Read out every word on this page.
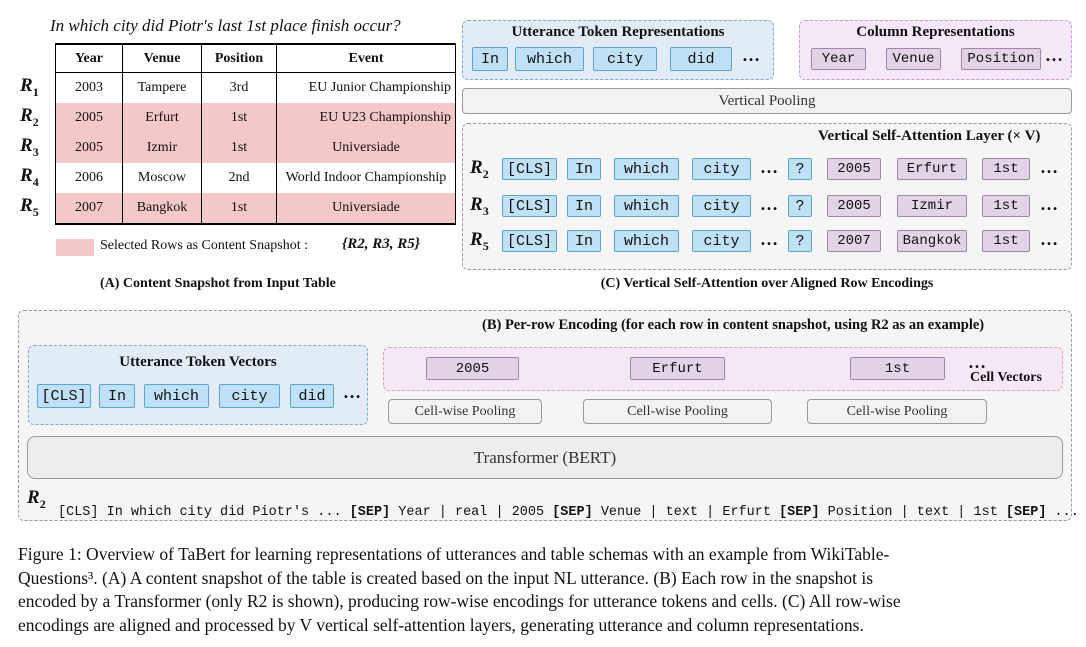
In which city did Piotr's last 1st place finish occur?
Year	Venue	Position	Event
2003	Tampere	3rd	EU Junior Championship
2005	Erfurt	1st	EU U23 Championship
2005	Izmir	1st	Universiade
2006	Moscow	2nd	World Indoor Championship
2007	Bangkok	1st	Universiade
$R_1$
$R_2$
$R_3$
$R_4$
$R_5$
Selected Rows as Content Snapshot : {R2, R3, R5}
(A) Content Snapshot from Input Table
Utterance Token Representations
In	which	city	did	…
Column Representations
Year	Venue	Position …
Vertical Pooling
Vertical Self-Attention Layer (× V)
$R_2$	[CLS]	In	which	city	…	?	2005	Erfurt	1st	…
$R_3$	[CLS]	In	which	city	…	?	2005	Izmir	1st	…
$R_5$	[CLS]	In	which	city	…	?	2007	Bangkok	1st	…
(C) Vertical Self-Attention over Aligned Row Encodings
(B) Per-row Encoding (for each row in content snapshot, using R2 as an example)
Utterance Token Vectors
[CLS]	In	which	city	did …
2005	Erfurt	1st	…
Cell Vectors
Cell-wise Pooling	Cell-wise Pooling	Cell-wise Pooling
Transformer (BERT)
$R_2$

[CLS] In which city did Piotr's ... [SEP] Year | real | 2005 [SEP] Venue | text | Erfurt [SEP] Position | text | 1st [SEP] ...
Figure 1: Overview of TaBert for learning representations of utterances and table schemas with an example from WikiTable-
Questions³. (A) A content snapshot of the table is created based on the input NL utterance. (B) Each row in the snapshot is
encoded by a Transformer (only R2 is shown), producing row-wise encodings for utterance tokens and cells. (C) All row-wise
encodings are aligned and processed by V vertical self-attention layers, generating utterance and column representations.
